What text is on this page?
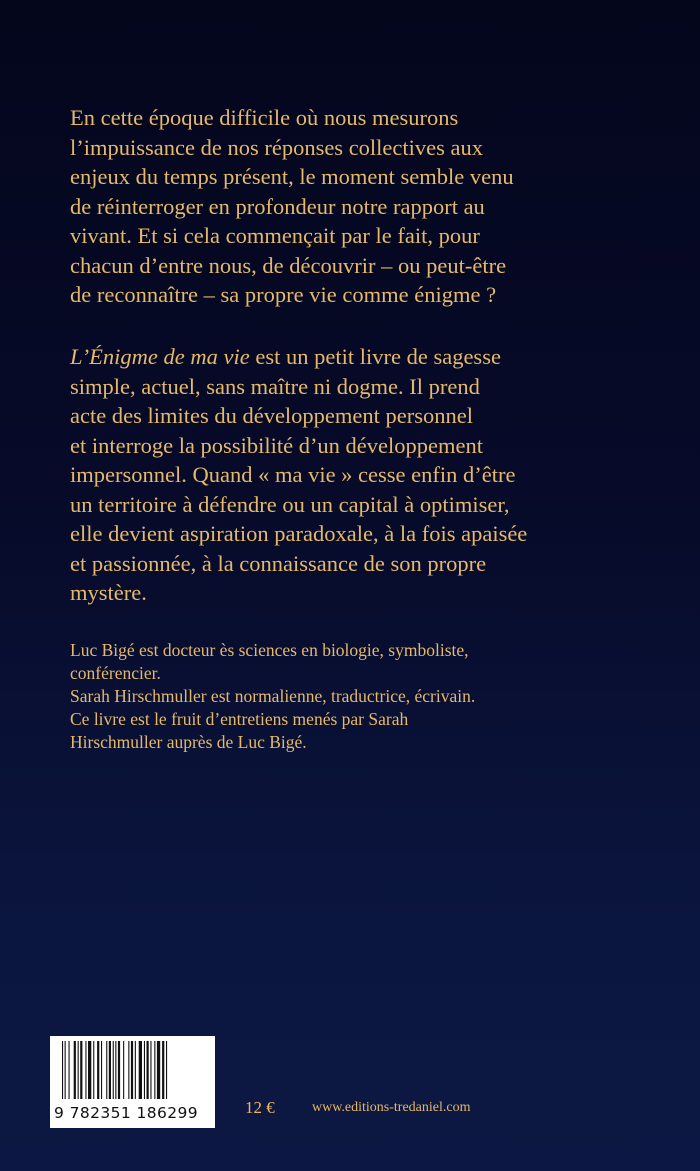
En cette époque difficile où nous mesurons
l’impuissance de nos réponses collectives aux
enjeux du temps présent, le moment semble venu
de réinterroger en profondeur notre rapport au
vivant. Et si cela commençait par le fait, pour
chacun d’entre nous, de découvrir – ou peut-être
de reconnaître – sa propre vie comme énigme ?
L’Énigme de ma vie est un petit livre de sagesse
simple, actuel, sans maître ni dogme. Il prend
acte des limites du développement personnel
et interroge la possibilité d’un développement
impersonnel. Quand « ma vie » cesse enfin d’être
un territoire à défendre ou un capital à optimiser,
elle devient aspiration paradoxale, à la fois apaisée
et passionnée, à la connaissance de son propre
mystère.
Luc Bigé est docteur ès sciences en biologie, symboliste,
conférencier.
Sarah Hirschmuller est normalienne, traductrice, écrivain.
Ce livre est le fruit d’entretiens menés par Sarah
Hirschmuller auprès de Luc Bigé.
9 782351 186299	12 €	www.editions-tredaniel.com
